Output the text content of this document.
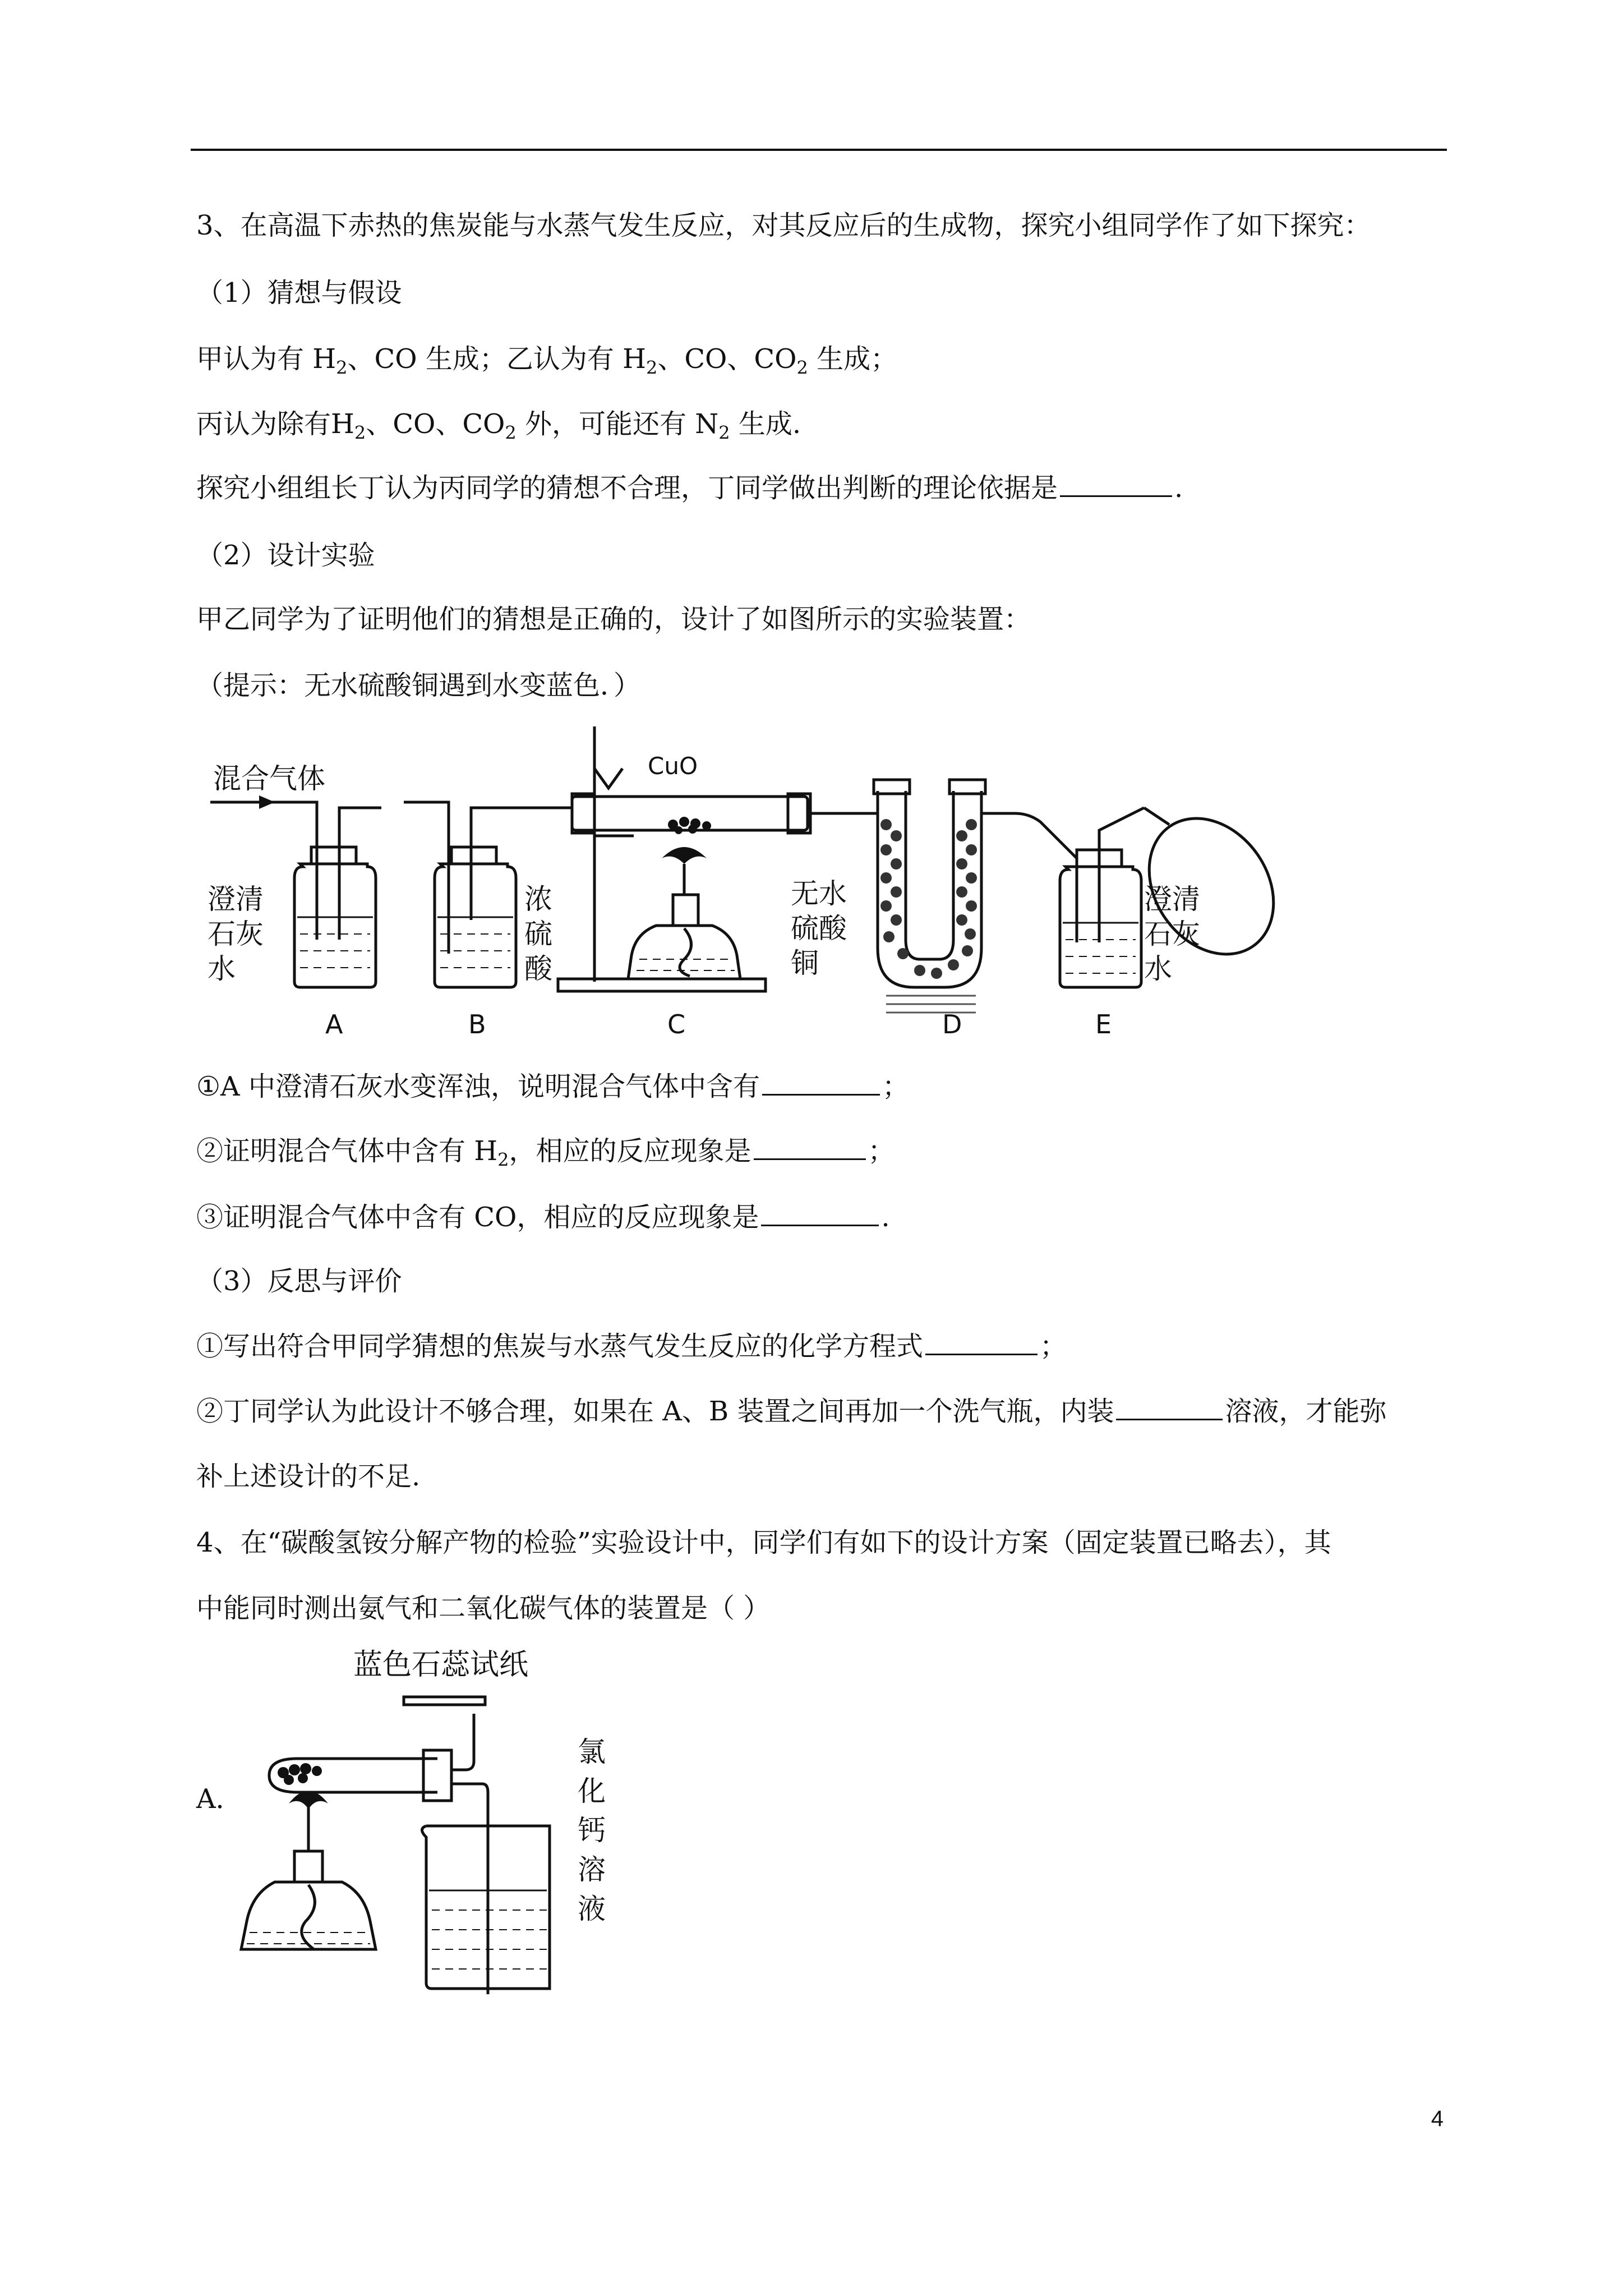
3、在高温下赤热的焦炭能与水蒸气发生反应，对其反应后的生成物，探究小组同学作了如下探究：
（1）猜想与假设
甲认为有 $H_2$、CO 生成；乙认为有 $H_2$、CO、$CO_2$ 生成；
丙认为除有$H_2$、CO、$CO_2$ 外，可能还有 $N_2$ 生成.
探究小组组长丁认为丙同学的猜想不合理，丁同学做出判断的理论依据是	.
（2）设计实验
甲乙同学为了证明他们的猜想是正确的，设计了如图所示的实验装置：
（提示：无水硫酸铜遇到水变蓝色．）
混合气体	CuO
澄清石灰水
浓硫酸
无水硫酸铜
澄清石灰水
A	B	C	D	E
①A 中澄清石灰水变浑浊，说明混合气体中含有	；
②证明混合气体中含有 $H_2$，相应的反应现象是	；
③证明混合气体中含有 CO，相应的反应现象是	.
（3）反思与评价
①写出符合甲同学猜想的焦炭与水蒸气发生反应的化学方程式	；
②丁同学认为此设计不够合理，如果在 A、B 装置之间再加一个洗气瓶，内装	溶液，才能弥
补上述设计的不足.
4、在“碳酸氢铵分解产物的检验”实验设计中，同学们有如下的设计方案（固定装置已略去），其
中能同时测出氨气和二氧化碳气体的装置是（ ）
A．
蓝色石蕊试纸
氯化钙溶液
4
